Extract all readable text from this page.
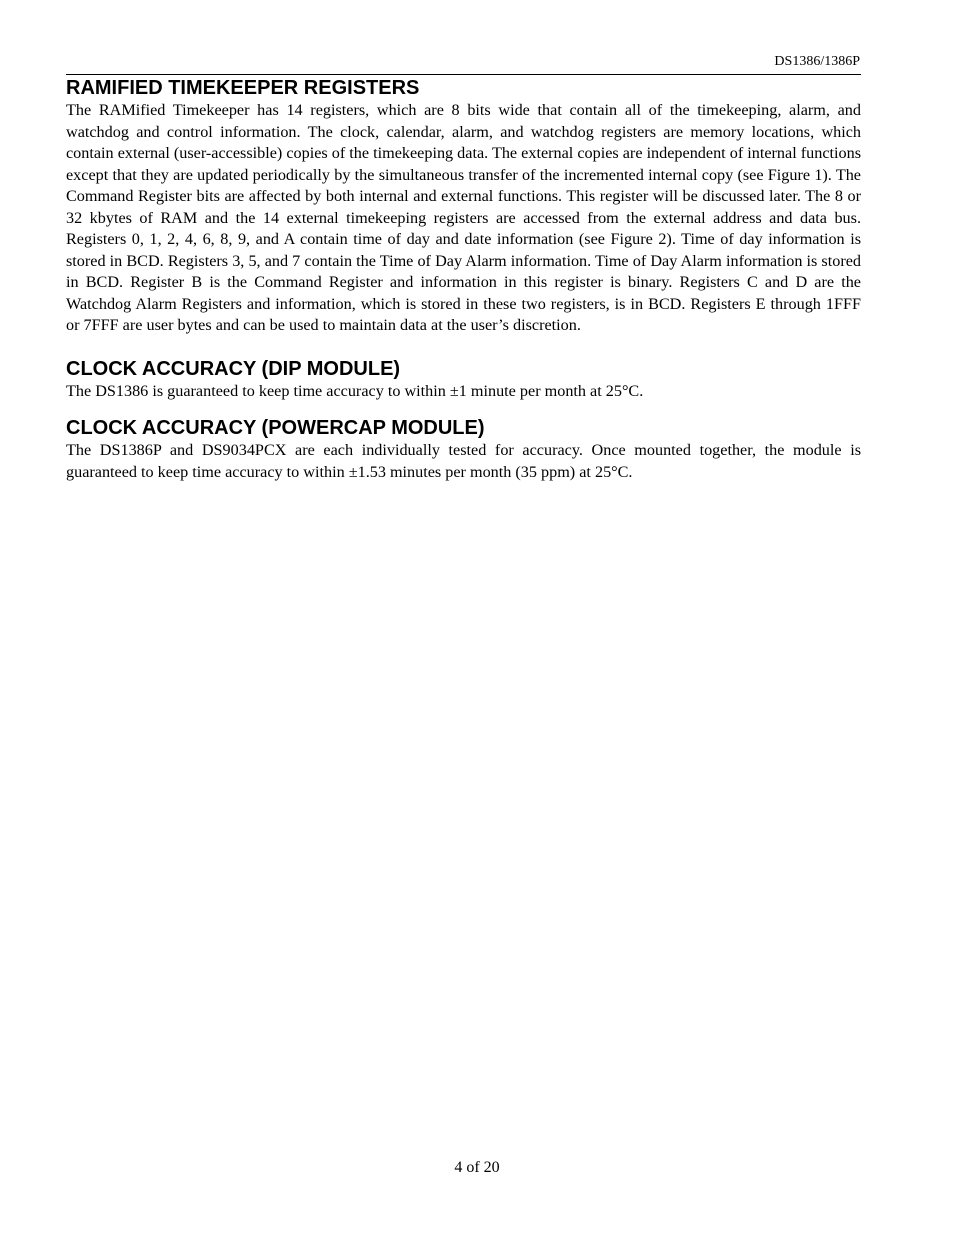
DS1386/1386P
RAMIFIED TIMEKEEPER REGISTERS

The RAMified Timekeeper has 14 registers, which are 8 bits wide that contain all of the timekeeping, alarm, and watchdog and control information. The clock, calendar, alarm, and watchdog registers are memory locations, which contain external (user-accessible) copies of the timekeeping data. The external copies are independent of internal functions except that they are updated periodically by the simultaneous transfer of the incremented internal copy (see Figure 1). The Command Register bits are affected by both internal and external functions. This register will be discussed later. The 8 or 32 kbytes of RAM and the 14 external timekeeping registers are accessed from the external address and data bus. Registers 0, 1, 2, 4, 6, 8, 9, and A contain time of day and date information (see Figure 2). Time of day information is stored in BCD. Registers 3, 5, and 7 contain the Time of Day Alarm information. Time of Day Alarm information is stored in BCD. Register B is the Command Register and information in this register is binary. Registers C and D are the Watchdog Alarm Registers and information, which is stored in these two registers, is in BCD. Registers E through 1FFF or 7FFF are user bytes and can be used to maintain data at the user’s discretion.

CLOCK ACCURACY (DIP MODULE)

The DS1386 is guaranteed to keep time accuracy to within ±1 minute per month at 25°C.

CLOCK ACCURACY (POWERCAP MODULE)

The DS1386P and DS9034PCX are each individually tested for accuracy. Once mounted together, the module is guaranteed to keep time accuracy to within ±1.53 minutes per month (35 ppm) at 25°C.

4 of 20
